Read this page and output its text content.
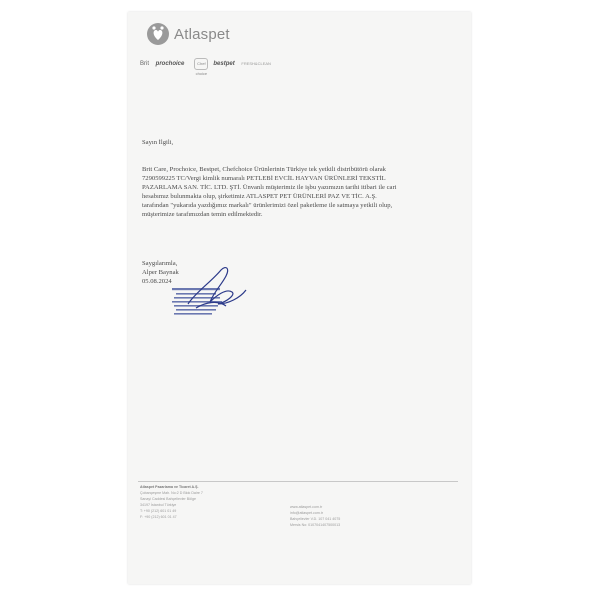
Atlaspet
Brit prochoice	Chef choice
bestpet FRESH&CLEAN
Sayın İlgili,
Brit Care, Prochoice, Bestpet, Chefchoice Ürünlerinin Türkiye tek yetkili distribütörü olarak
7290599225 TC/Vergi kimlik numaralı PETLEBİ EVCİL HAYVAN ÜRÜNLERİ TEKSTİL
PAZARLAMA SAN. TİC. LTD. ŞTİ. Ünvanlı müşterimiz ile işbu yazımızın tarihi itibari ile cari
hesabımız bulunmakta olup, şirketimiz ATLASPET PET ÜRÜNLERİ PAZ VE TİC. A.Ş.
tarafından "yukarıda yazdığımız markalı" ürünlerimizi özel paketleme ile satmaya yetkili olup,
müşterimize tarafımızdan temin edilmektedir.
Saygılarımla,
Alper Baynak
05.08.2024
Atlaspet Pazarlama ve Ticaret A.Ş.
Çobançeşme Mah. No:2 D Blok Daire 7
Sanayi Caddesi Bahçelievler Bölge
34197 İstanbul Türkiye
T: +90 (212) 601 01 49
F: +90 (212) 601 01 47
www.atlaspet.com.tr
info@atlaspet.com.tr
Bahçelievler V.D. 107 041 4075
Mersis No: 0107041407500013
